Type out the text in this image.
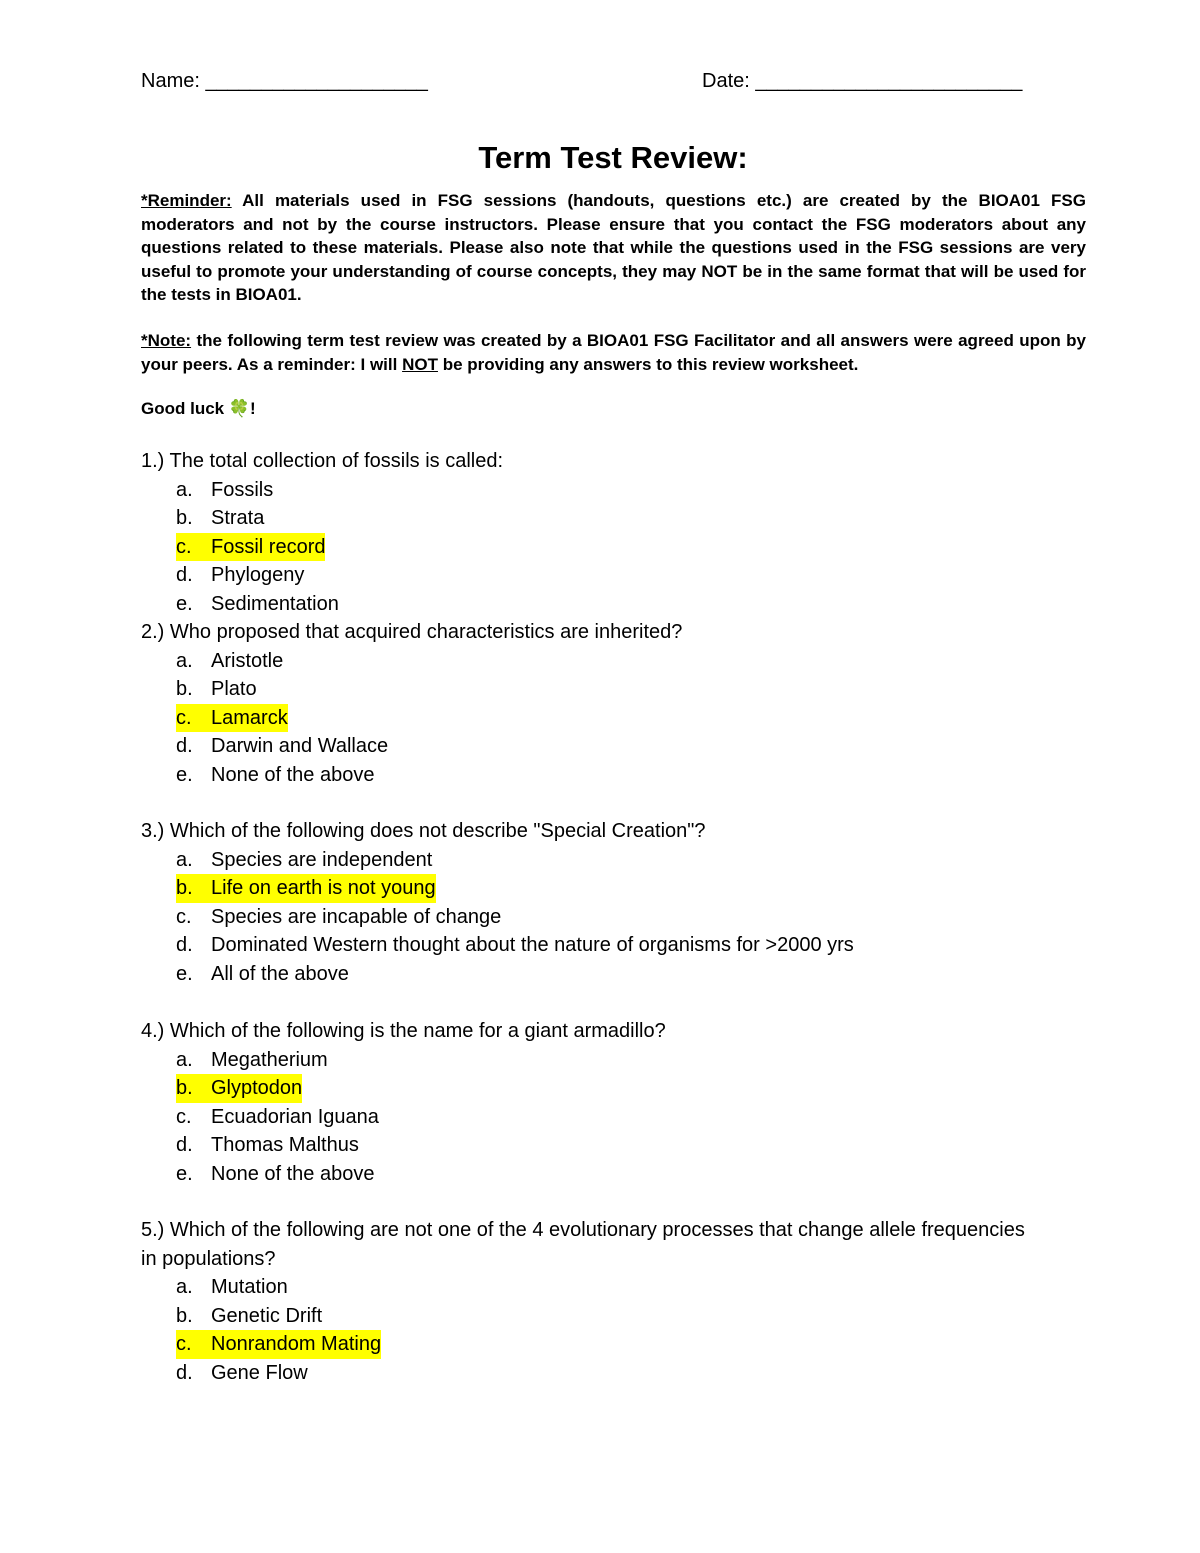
Name: ____________________	Date: ________________________
Term Test Review:
*Reminder: All materials used in FSG sessions (handouts, questions etc.) are created by the BIOA01 FSG moderators and not by the course instructors. Please ensure that you contact the FSG moderators about any questions related to these materials. Please also note that while the questions used in the FSG sessions are very useful to promote your understanding of course concepts, they may NOT be in the same format that will be used for the tests in BIOA01.
*Note: the following term test review was created by a BIOA01 FSG Facilitator and all answers were agreed upon by your peers. As a reminder: I will NOT be providing any answers to this review worksheet.
Good luck 🍀!

1.) The total collection of fossils is called:

a. Fossils
b. Strata
c. Fossil record
d. Phylogeny
e. Sedimentation

2.) Who proposed that acquired characteristics are inherited?

a. Aristotle
b. Plato
c. Lamarck
d. Darwin and Wallace
e. None of the above

3.) Which of the following does not describe "Special Creation"?

a. Species are independent
b. Life on earth is not young
c. Species are incapable of change
d. Dominated Western thought about the nature of organisms for >2000 yrs
e. All of the above

4.) Which of the following is the name for a giant armadillo?

a. Megatherium
b. Glyptodon
c. Ecuadorian Iguana
d. Thomas Malthus
e. None of the above

5.) Which of the following are not one of the 4 evolutionary processes that change allele frequencies in populations?

a. Mutation
b. Genetic Drift
c. Nonrandom Mating
d. Gene Flow
